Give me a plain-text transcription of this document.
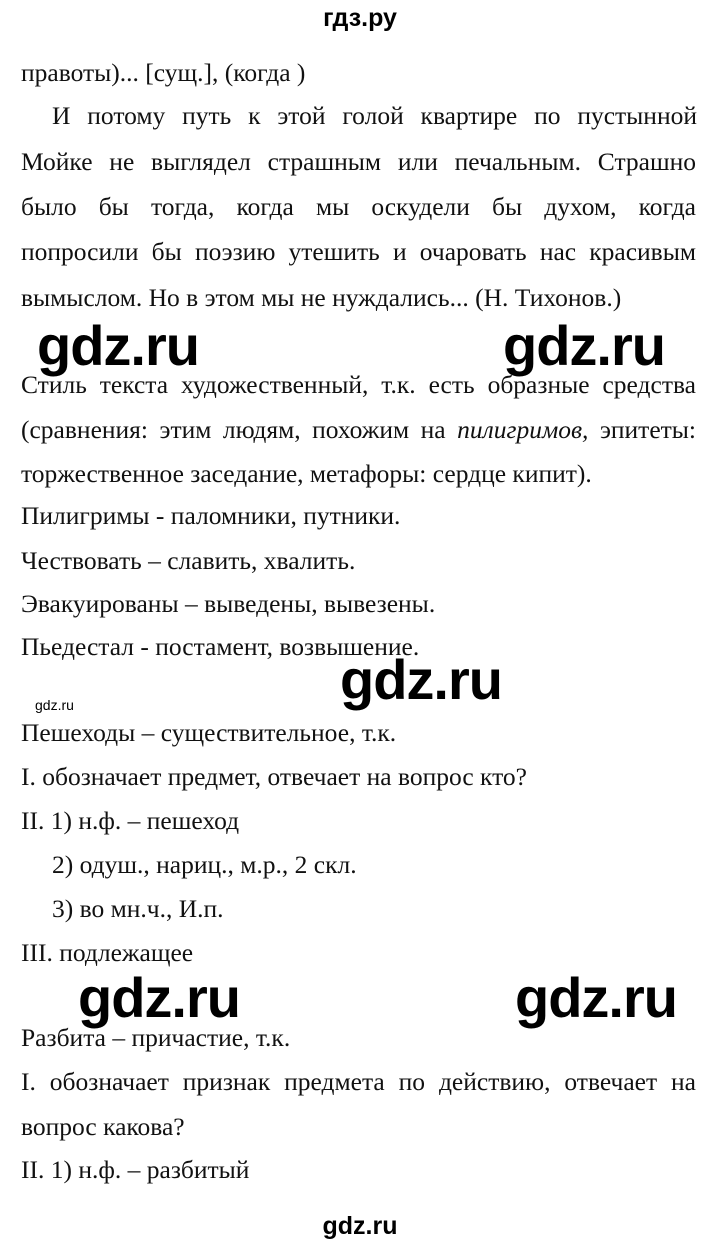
гдз.ру
правоты)... [сущ.], (когда )
И потому путь к этой голой квартире по пустынной
Мойке не выглядел страшным или печальным. Страшно
было бы тогда, когда мы оскудели бы духом, когда
попросили бы поэзию утешить и очаровать нас красивым
вымыслом. Но в этом мы не нуждались... (Н. Тихонов.)
gdz.ru	gdz.ru
Стиль текста художественный, т.к. есть образные средства
(сравнения: этим людям, похожим на пилигримов, эпитеты:
торжественное заседание, метафоры: сердце кипит).
Пилигримы - паломники, путники.
Чествовать – славить, хвалить.
Эвакуированы – выведены, вывезены.
Пьедестал - постамент, возвышение.
gdz.ru
gdz.ru
Пешеходы – существительное, т.к.
I. обозначает предмет, отвечает на вопрос кто?
II. 1) н.ф. – пешеход
2) одуш., нариц., м.р., 2 скл.
3) во мн.ч., И.п.
III. подлежащее
gdz.ru	gdz.ru
Разбита – причастие, т.к.
I. обозначает признак предмета по действию, отвечает на
вопрос какова?
II. 1) н.ф. – разбитый
gdz.ru
